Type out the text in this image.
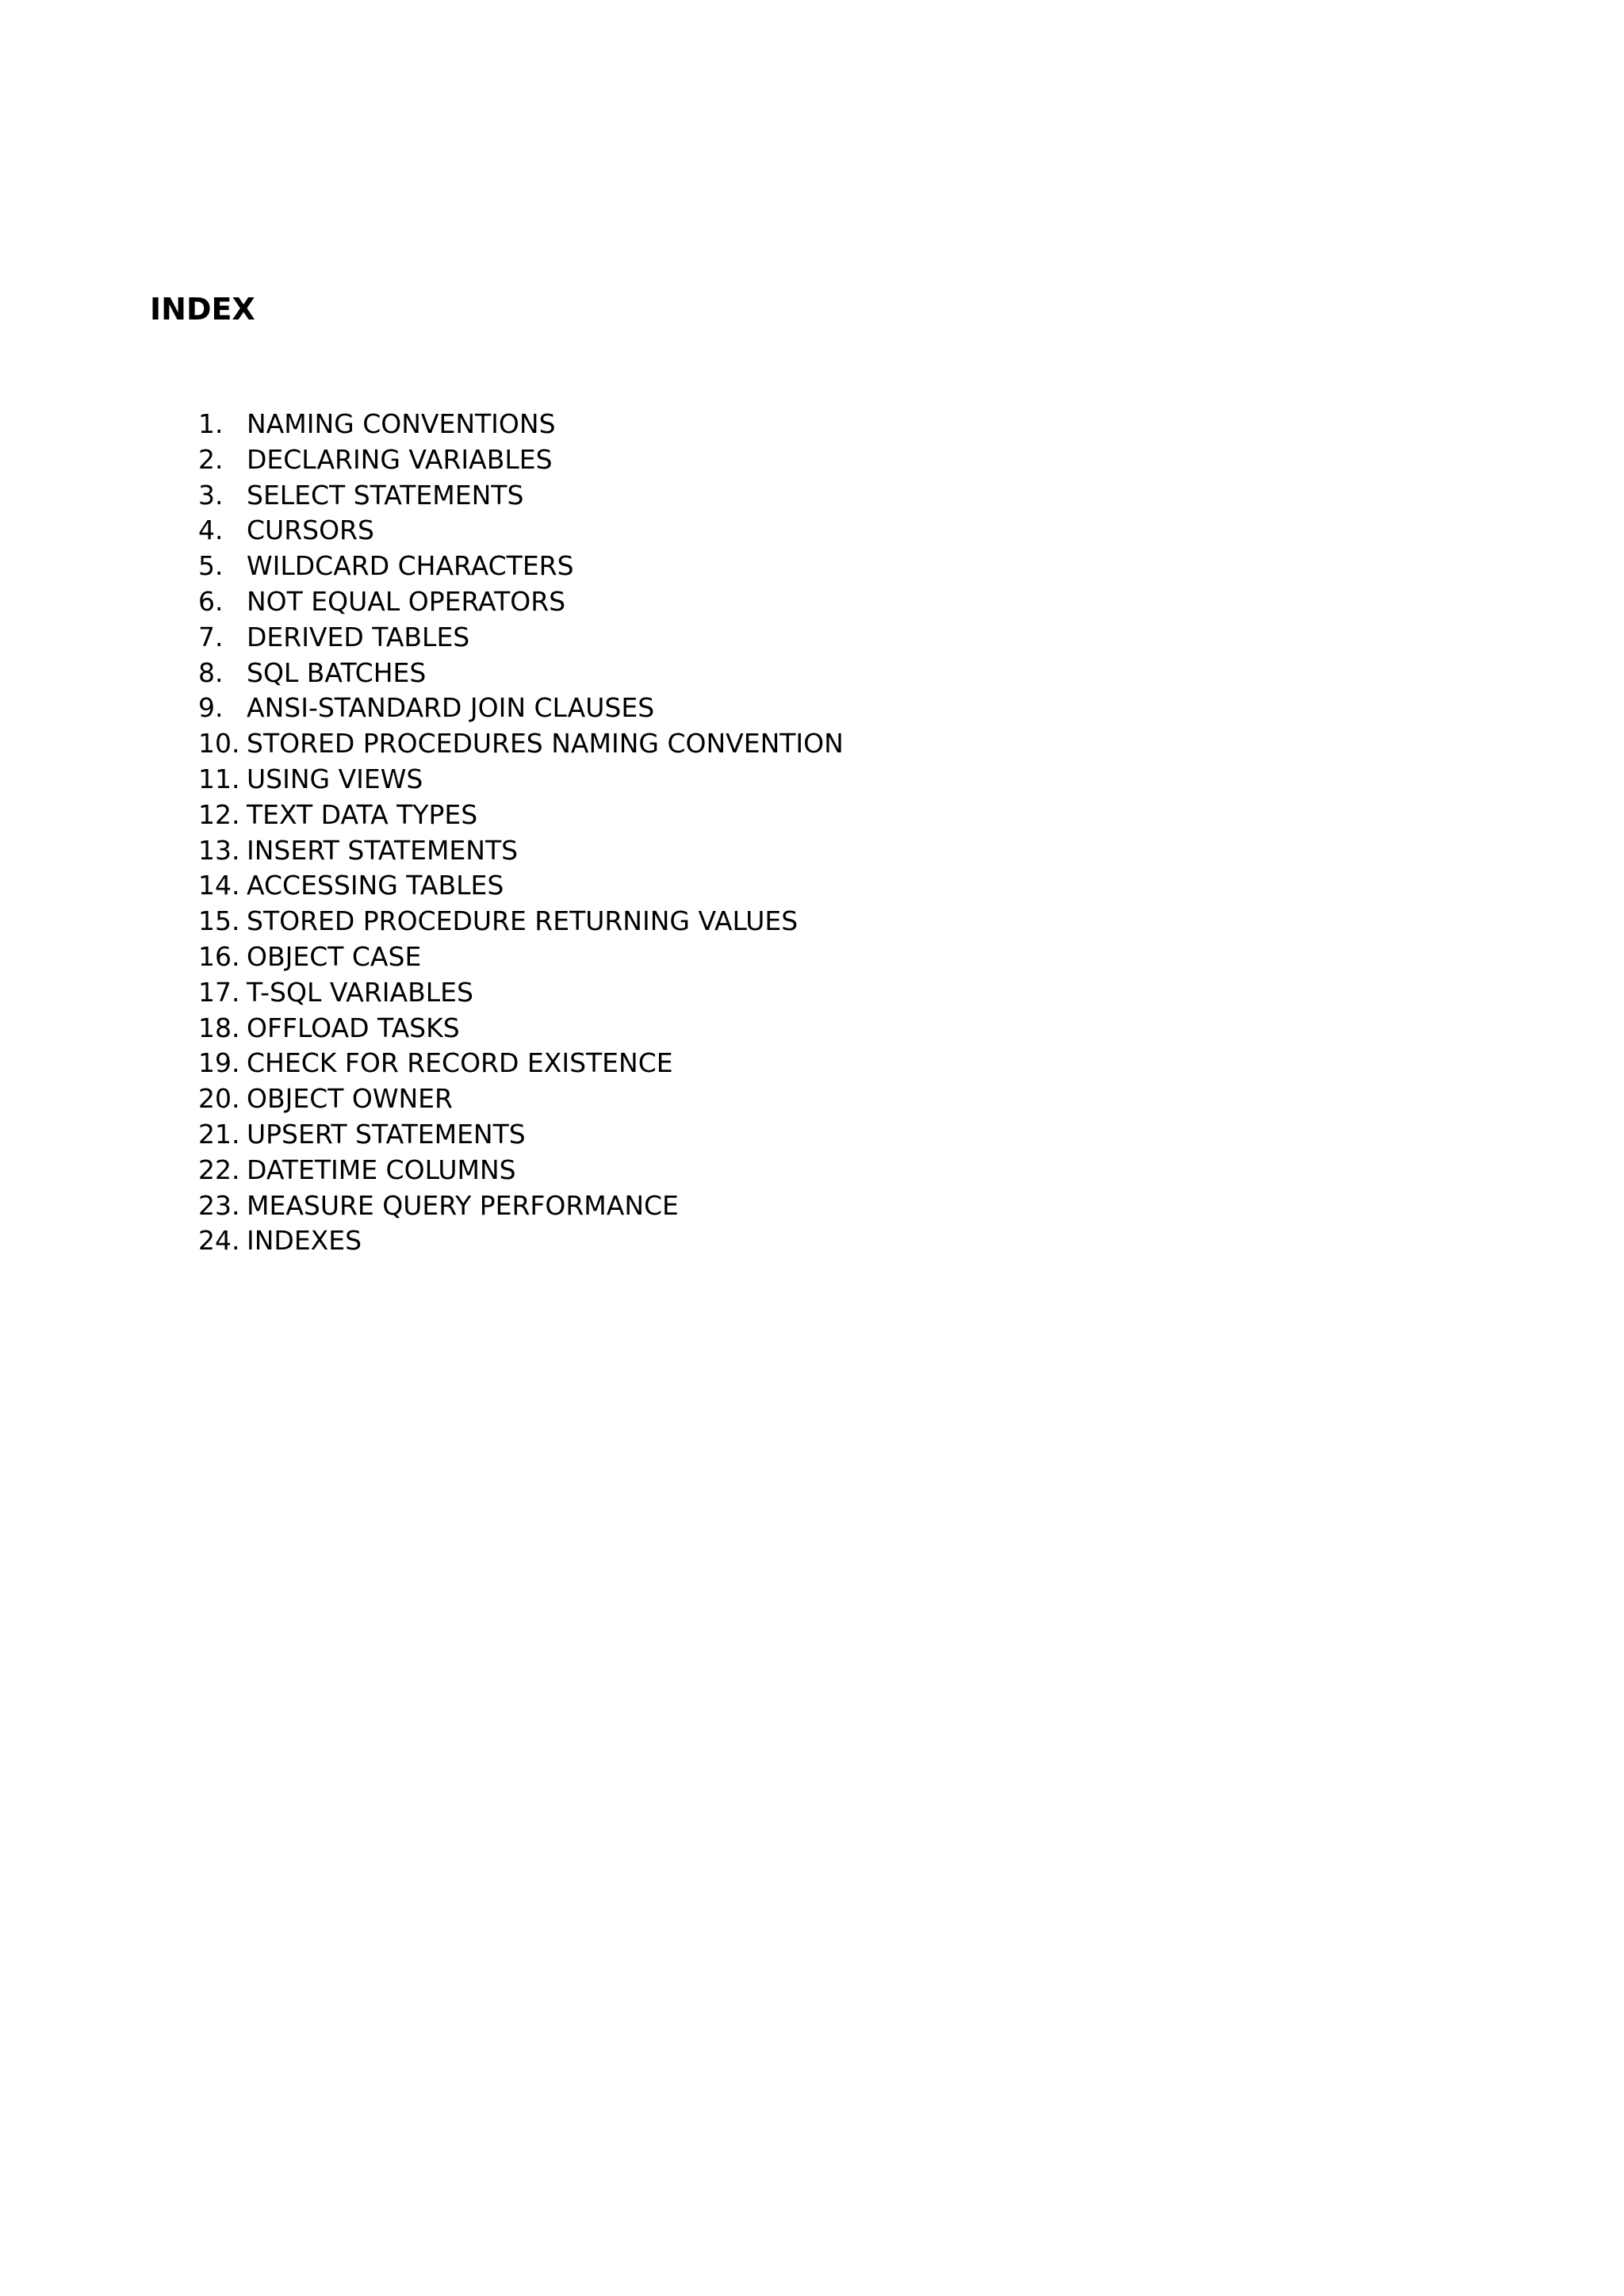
INDEX
1. NAMING CONVENTIONS
2. DECLARING VARIABLES
3. SELECT STATEMENTS
4. CURSORS
5. WILDCARD CHARACTERS
6. NOT EQUAL OPERATORS
7. DERIVED TABLES
8. SQL BATCHES
9. ANSI-STANDARD JOIN CLAUSES
10. STORED PROCEDURES NAMING CONVENTION
11. USING VIEWS
12. TEXT DATA TYPES
13. INSERT STATEMENTS
14. ACCESSING TABLES
15. STORED PROCEDURE RETURNING VALUES
16. OBJECT CASE
17. T-SQL VARIABLES
18. OFFLOAD TASKS
19. CHECK FOR RECORD EXISTENCE
20. OBJECT OWNER
21. UPSERT STATEMENTS
22. DATETIME COLUMNS
23. MEASURE QUERY PERFORMANCE
24. INDEXES
